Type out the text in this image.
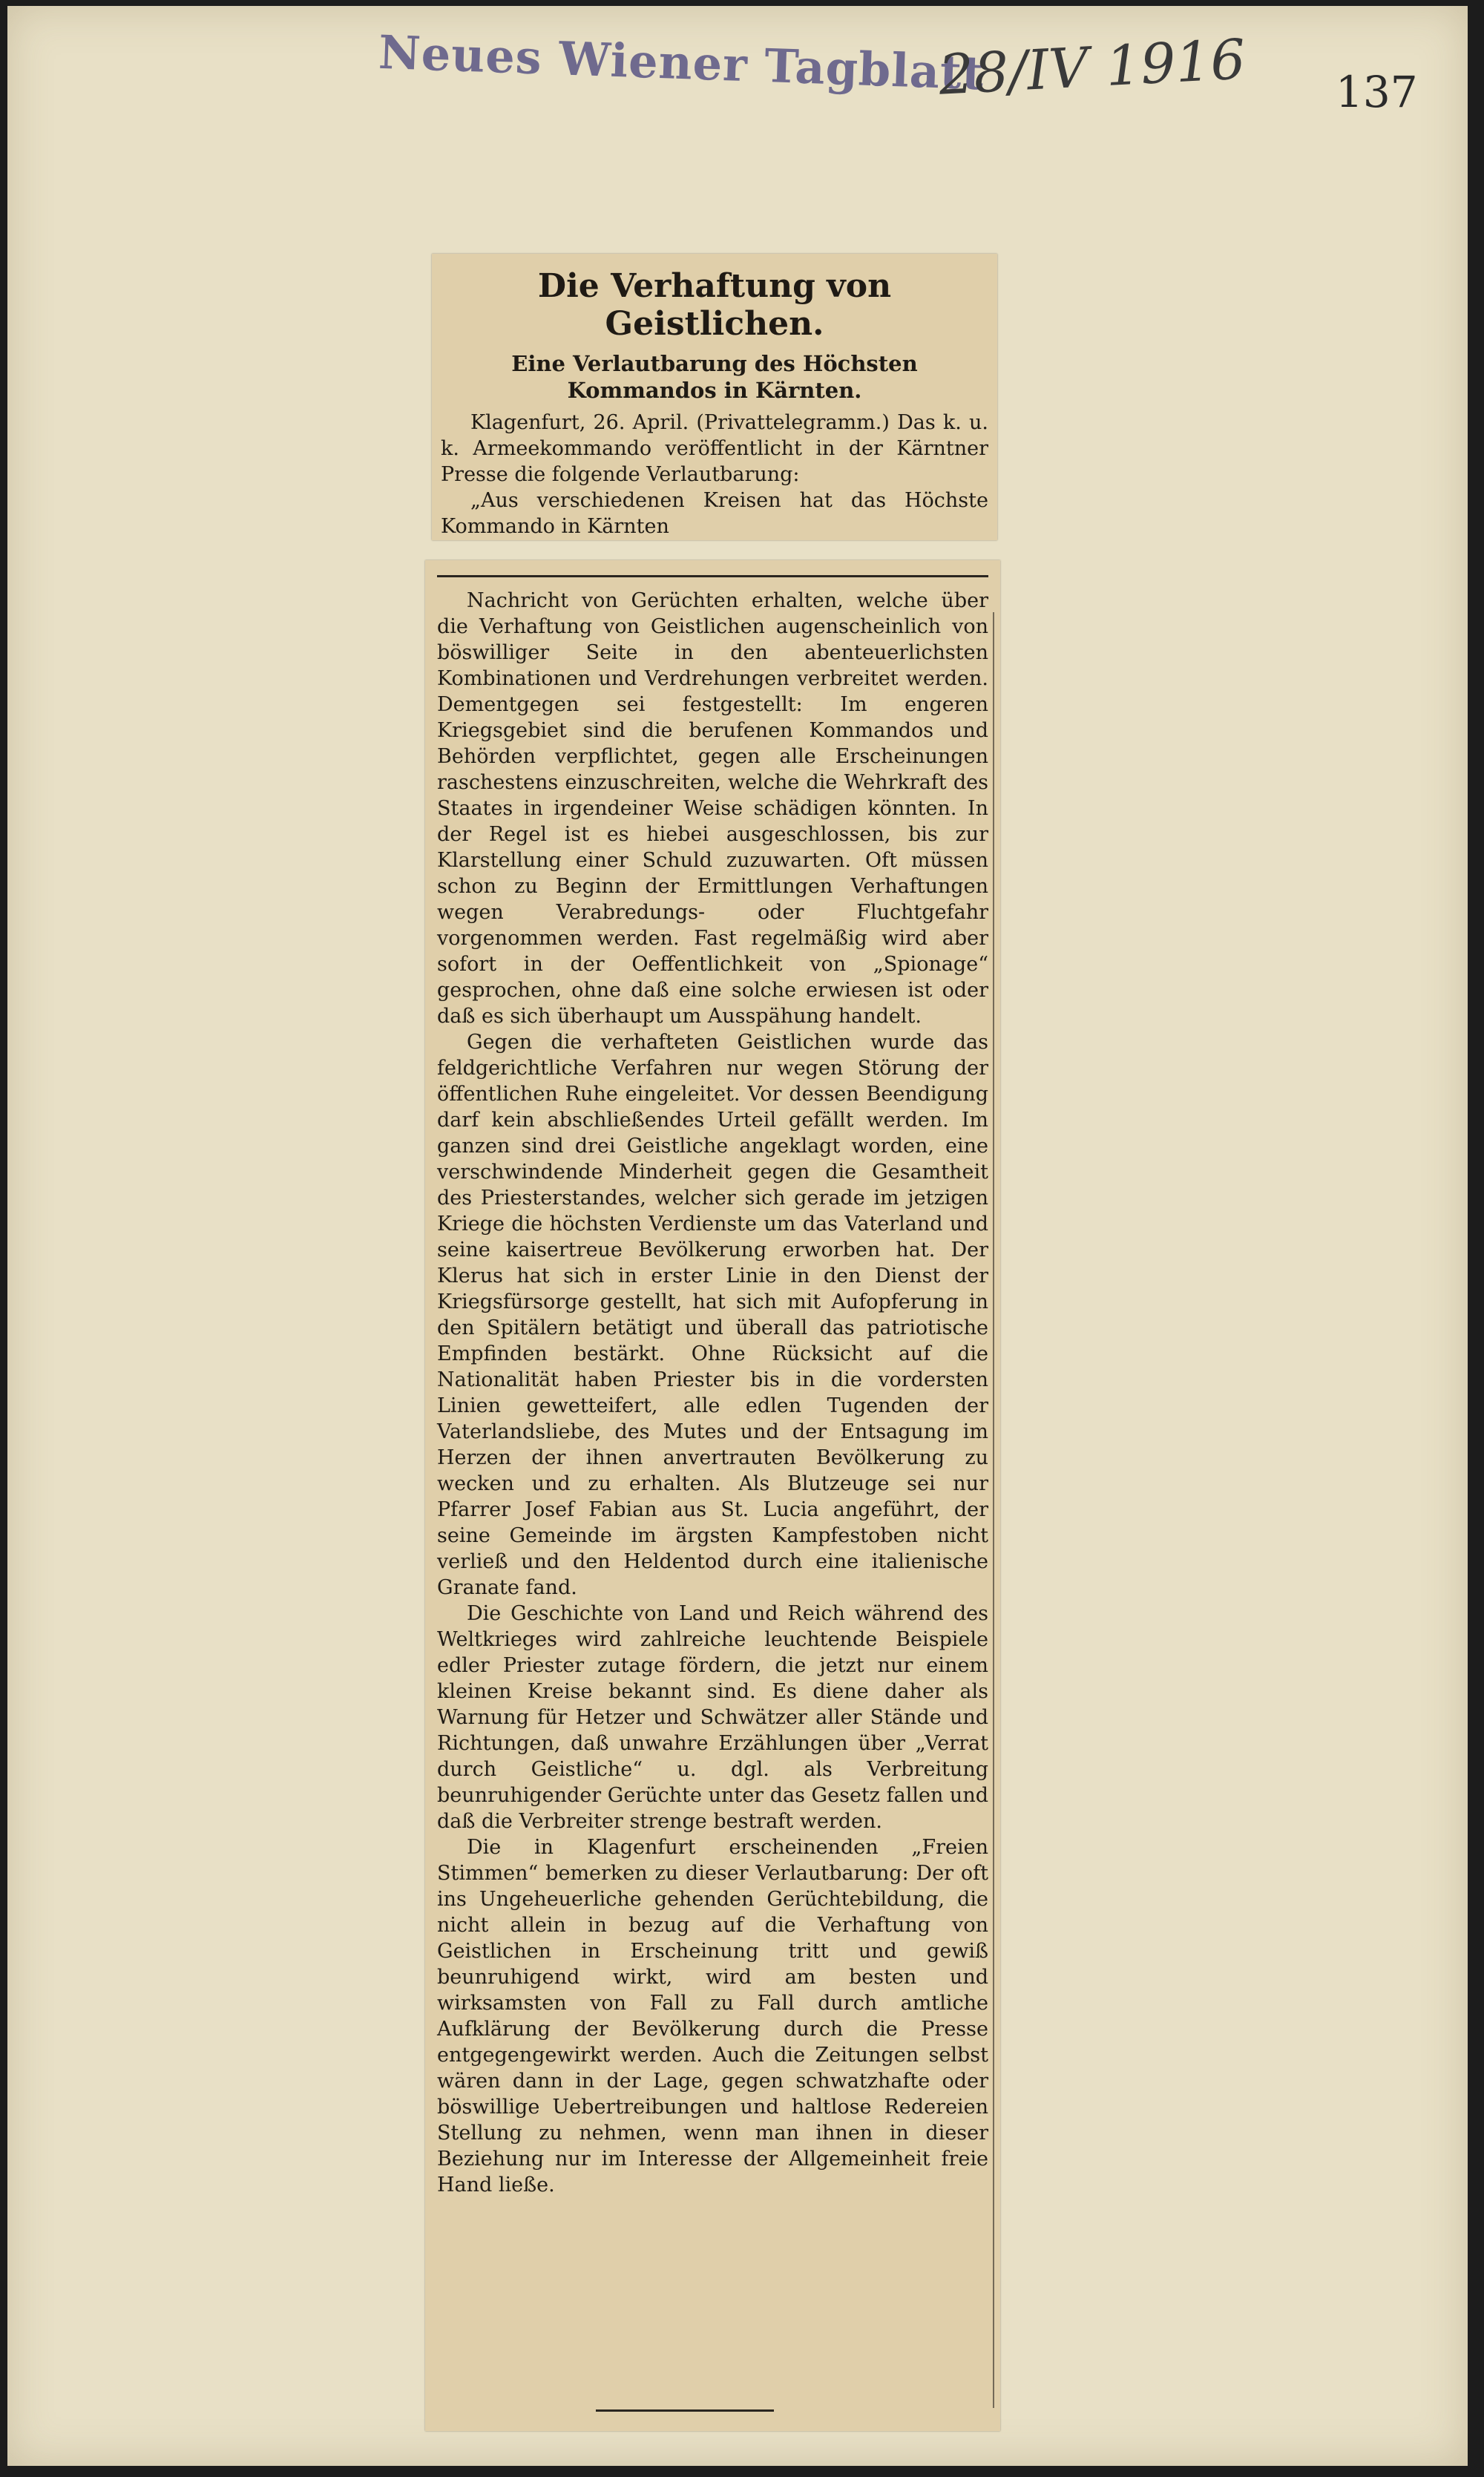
Neues Wiener Tagblatt
28/IV 1916 137
Die Verhaftung von Geistlichen.
Eine Verlautbarung des Höchsten Kommandos in Kärnten.

Klagenfurt, 26. April. (Privattelegramm.) Das k. u. k. Armeekommando veröffentlicht in der Kärntner Presse die folgende Verlautbarung:

„Aus verschiedenen Kreisen hat das Höchste Kommando in Kärnten

Nachricht von Gerüchten erhalten, welche über die Verhaftung von Geistlichen augenscheinlich von böswilliger Seite in den abenteuerlichsten Kombinationen und Verdrehungen verbreitet werden. Dementgegen sei festgestellt: Im engeren Kriegsgebiet sind die berufenen Kommandos und Behörden verpflichtet, gegen alle Erscheinungen raschestens einzuschreiten, welche die Wehrkraft des Staates in irgendeiner Weise schädigen könnten. In der Regel ist es hiebei ausgeschlossen, bis zur Klarstellung einer Schuld zuzuwarten. Oft müssen schon zu Beginn der Ermittlungen Verhaftungen wegen Verabredungs- oder Fluchtgefahr vorgenommen werden. Fast regelmäßig wird aber sofort in der Oeffentlichkeit von „Spionage“ gesprochen, ohne daß eine solche erwiesen ist oder daß es sich überhaupt um Ausspähung handelt.

Gegen die verhafteten Geistlichen wurde das feldgerichtliche Verfahren nur wegen Störung der öffentlichen Ruhe eingeleitet. Vor dessen Beendigung darf kein abschließendes Urteil gefällt werden. Im ganzen sind drei Geistliche angeklagt worden, eine verschwindende Minderheit gegen die Gesamtheit des Priesterstandes, welcher sich gerade im jetzigen Kriege die höchsten Verdienste um das Vaterland und seine kaisertreue Bevölkerung erworben hat. Der Klerus hat sich in erster Linie in den Dienst der Kriegsfürsorge gestellt, hat sich mit Aufopferung in den Spitälern betätigt und überall das patriotische Empfinden bestärkt. Ohne Rücksicht auf die Nationalität haben Priester bis in die vordersten Linien gewetteifert, alle edlen Tugenden der Vaterlandsliebe, des Mutes und der Entsagung im Herzen der ihnen anvertrauten Bevölkerung zu wecken und zu erhalten. Als Blutzeuge sei nur Pfarrer Josef Fabian aus St. Lucia angeführt, der seine Gemeinde im ärgsten Kampfestoben nicht verließ und den Heldentod durch eine italienische Granate fand.

Die Geschichte von Land und Reich während des Weltkrieges wird zahlreiche leuchtende Beispiele edler Priester zutage fördern, die jetzt nur einem kleinen Kreise bekannt sind. Es diene daher als Warnung für Hetzer und Schwätzer aller Stände und Richtungen, daß unwahre Erzählungen über „Verrat durch Geistliche“ u. dgl. als Verbreitung beunruhigender Gerüchte unter das Gesetz fallen und daß die Verbreiter strenge bestraft werden.

Die in Klagenfurt erscheinenden „Freien Stimmen“ bemerken zu dieser Verlautbarung: Der oft ins Ungeheuerliche gehenden Gerüchtebildung, die nicht allein in bezug auf die Verhaftung von Geistlichen in Erscheinung tritt und gewiß beunruhigend wirkt, wird am besten und wirksamsten von Fall zu Fall durch amtliche Aufklärung der Bevölkerung durch die Presse entgegengewirkt werden. Auch die Zeitungen selbst wären dann in der Lage, gegen schwatzhafte oder böswillige Uebertreibungen und haltlose Redereien Stellung zu nehmen, wenn man ihnen in dieser Beziehung nur im Interesse der Allgemeinheit freie Hand ließe.
